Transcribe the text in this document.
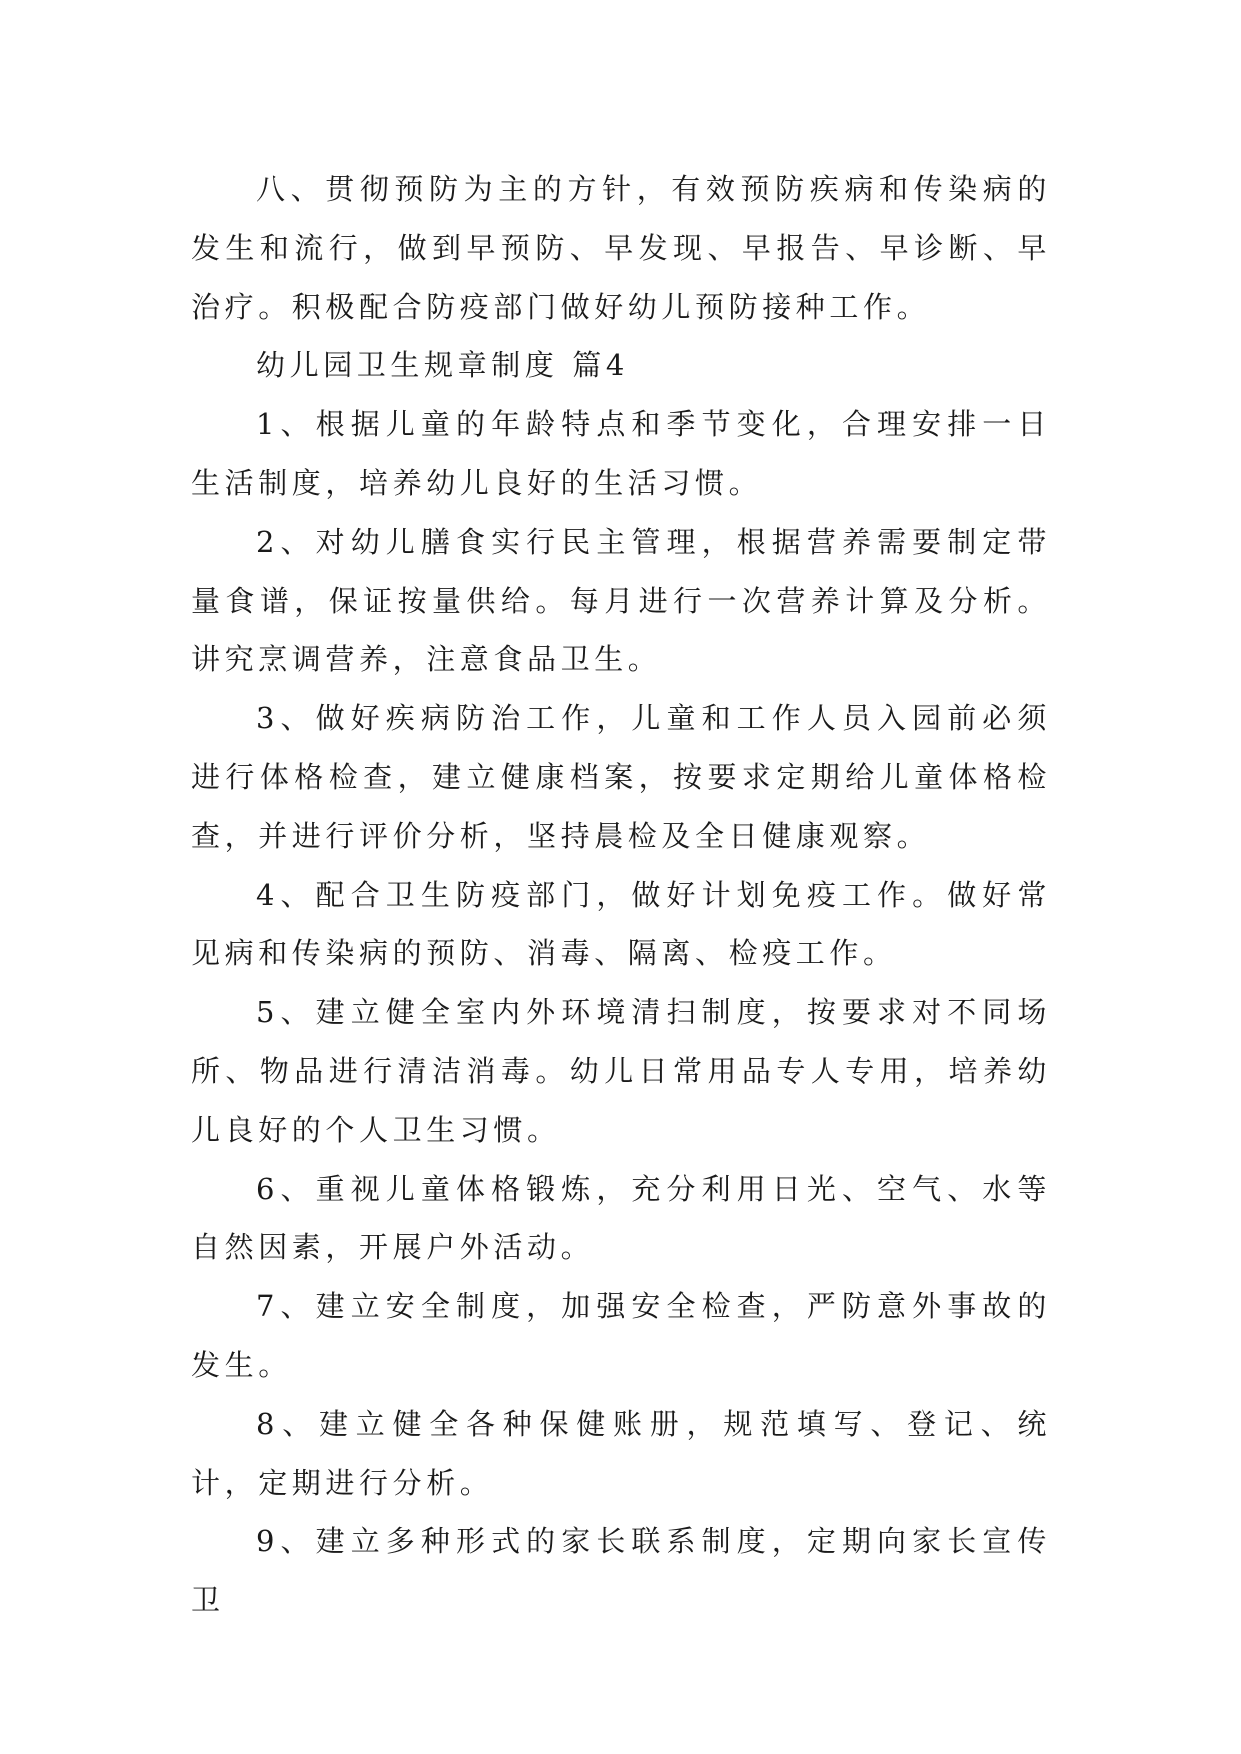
八、贯彻预防为主的方针，有效预防疾病和传染病的发生和流行，做到早预防、早发现、早报告、早诊断、早治疗。积极配合防疫部门做好幼儿预防接种工作。

幼儿园卫生规章制度 篇4

1、根据儿童的年龄特点和季节变化，合理安排一日生活制度，培养幼儿良好的生活习惯。

2、对幼儿膳食实行民主管理，根据营养需要制定带量食谱，保证按量供给。每月进行一次营养计算及分析。讲究烹调营养，注意食品卫生。

3、做好疾病防治工作，儿童和工作人员入园前必须进行体格检查，建立健康档案，按要求定期给儿童体格检查，并进行评价分析，坚持晨检及全日健康观察。

4、配合卫生防疫部门，做好计划免疫工作。做好常见病和传染病的预防、消毒、隔离、检疫工作。

5、建立健全室内外环境清扫制度，按要求对不同场所、物品进行清洁消毒。幼儿日常用品专人专用，培养幼儿良好的个人卫生习惯。

6、重视儿童体格锻炼，充分利用日光、空气、水等自然因素，开展户外活动。

7、建立安全制度，加强安全检查，严防意外事故的发生。

8、建立健全各种保健账册，规范填写、登记、统计，定期进行分析。

9、建立多种形式的家长联系制度，定期向家长宣传卫
